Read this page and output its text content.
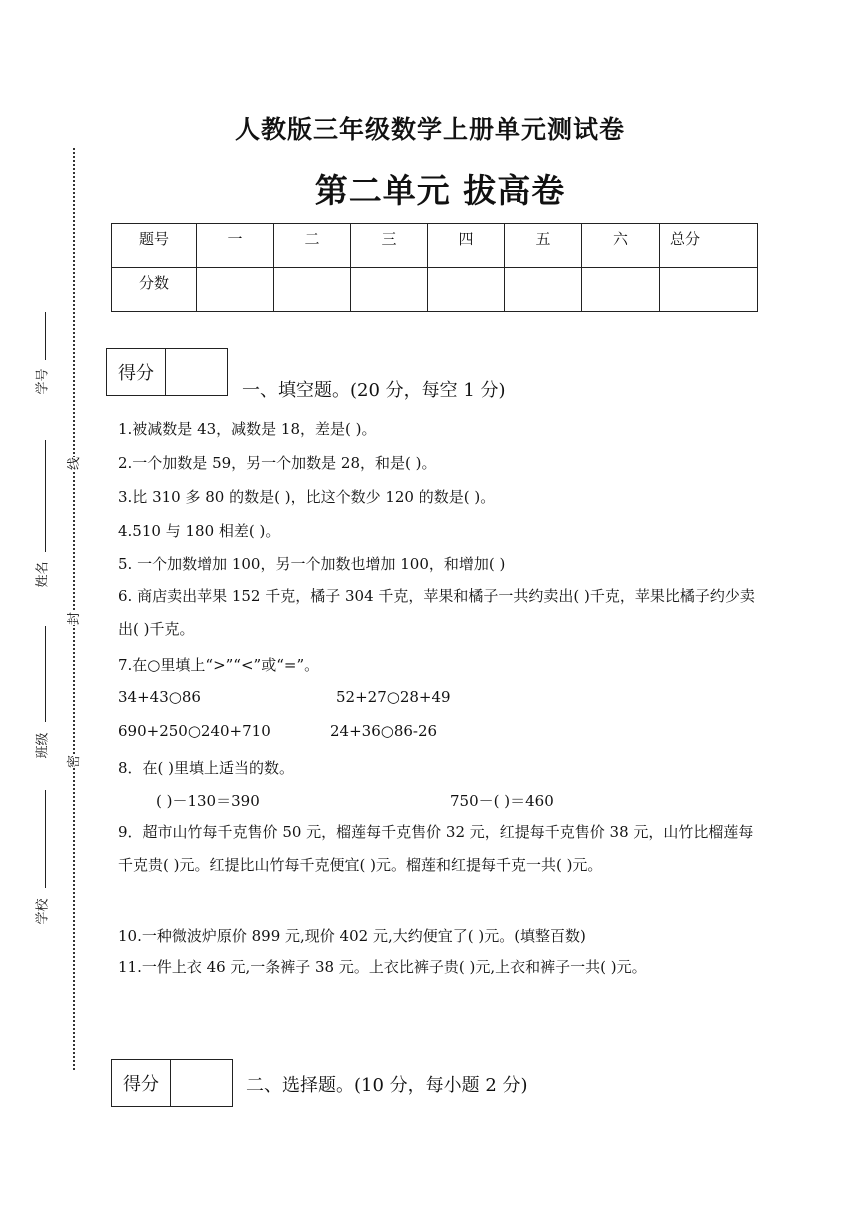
人教版三年级数学上册单元测试卷
第二单元 拔高卷
题号	一	二	三	四	五	六	总分
分数							
学号
姓名
班级
学校
线
封
密
得分
一、填空题。(20 分，每空 1 分)
1.被减数是 43，减数是 18，差是( )。
2.一个加数是 59，另一个加数是 28，和是( )。
3.比 310 多 80 的数是( )，比这个数少 120 的数是( )。
4.510 与 180 相差( )。
5. 一个加数增加 100，另一个加数也增加 100，和增加( )
6. 商店卖出苹果 152 千克，橘子 304 千克，苹果和橘子一共约卖出( )千克，苹果比橘子约少卖出( )千克。
7.在○里填上“>”“<”或“=”。
34+43○86	52+27○28+49
690+250○240+710	24+36○86-26
8．在( )里填上适当的数。
( )－130＝390	750－( )＝460
9．超市山竹每千克售价 50 元，榴莲每千克售价 32 元，红提每千克售价 38 元，山竹比榴莲每千克贵( )元。红提比山竹每千克便宜( )元。榴莲和红提每千克一共( )元。
10.一种微波炉原价 899 元,现价 402 元,大约便宜了( )元。(填整百数)
11.一件上衣 46 元,一条裤子 38 元。上衣比裤子贵( )元,上衣和裤子一共( )元。
得分	二、选择题。(10 分，每小题 2 分)
